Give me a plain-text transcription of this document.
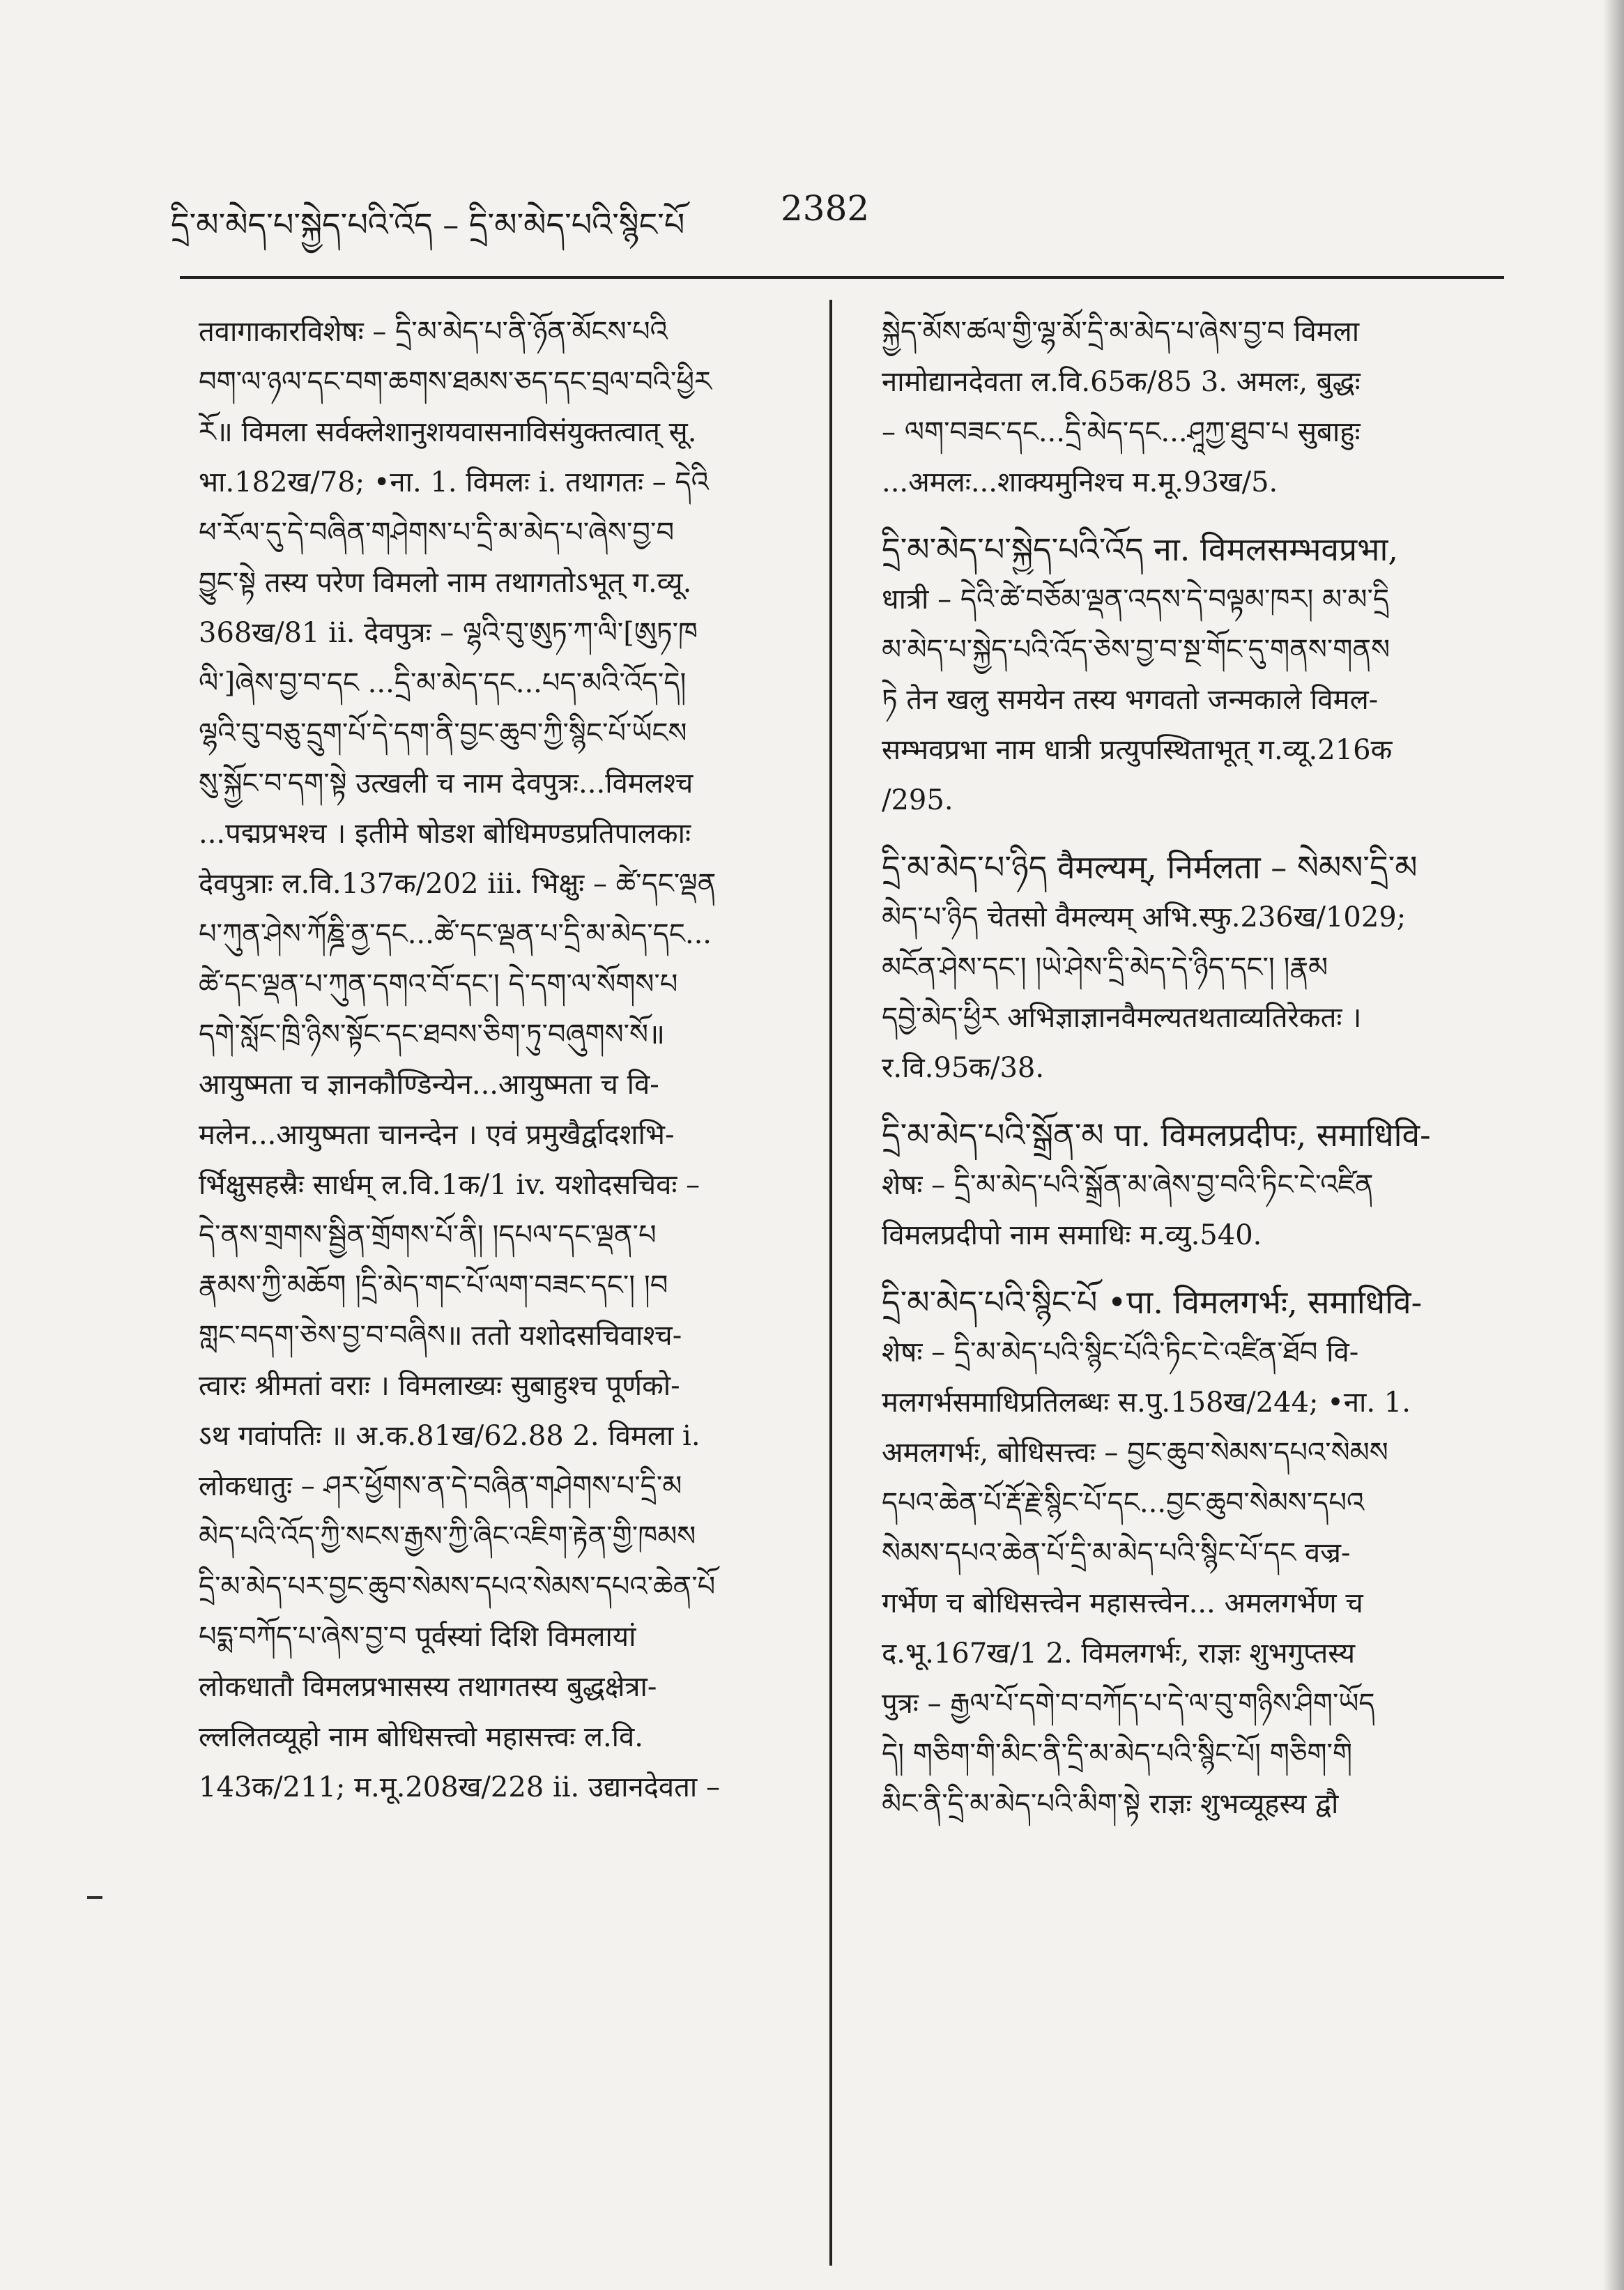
དྲི་མ་མེད་པ་སྐྱེད་པའི་འོད – དྲི་མ་མེད་པའི་སྙིང་པོ	2382
तवागाकारविशेषः – དྲི་མ་མེད་པ་ནི་ཉོན་མོངས་པའི
བག་ལ་ཉལ་དང་བག་ཆགས་ཐམས་ཅད་དང་བྲལ་བའི་ཕྱིར
རོ॥ विमला सर्वक्लेशानुशयवासनाविसंयुक्तत्वात् सू.
भा.182ख/78; •ना. 1. विमलः i. तथागतः – དེའི
ཕ་རོལ་དུ་དེ་བཞིན་གཤེགས་པ་དྲི་མ་མེད་པ་ཞེས་བྱ་བ
བྱུང་སྟེ तस्य परेण विमलो नाम तथागतोऽभूत् ग.व्यू.
368ख/81 ii. देवपुत्रः – ལྷའི་བུ་ཨུཏ་ཀ་ལི་[ཨུཏ་ཁ
ལི་]ཞེས་བྱ་བ་དང ...དྲི་མ་མེད་དང...པད་མའི་འོད་དེ།
ལྷའི་བུ་བཅུ་དྲུག་པོ་དེ་དག་ནི་བྱང་ཆུབ་ཀྱི་སྙིང་པོ་ཡོངས
སུ་སྐྱོང་བ་དག་སྟེ उत्खली च नाम देवपुत्रः...विमलश्च
...पद्मप्रभश्च । इतीमे षोडश बोधिमण्डप्रतिपालकाः
देवपुत्राः ल.वि.137क/202 iii. भिक्षुः – ཚེ་དང་ལྡན
པ་ཀུན་ཤེས་ཀོཎྜི་ནྱ་དང...ཚེ་དང་ལྡན་པ་དྲི་མ་མེད་དང...
ཚེ་དང་ལྡན་པ་ཀུན་དགའ་བོ་དང་། དེ་དག་ལ་སོགས་པ
དགེ་སློང་ཁྲི་ཉིས་སྟོང་དང་ཐབས་ཅིག་ཏུ་བཞུགས་སོ॥
आयुष्मता च ज्ञानकौण्डिन्येन...आयुष्मता च वि-
मलेन...आयुष्मता चानन्देन । एवं प्रमुखैर्द्वादशभि-
र्भिक्षुसहस्रैः सार्धम् ल.वि.1क/1 iv. यशोदसचिवः –
དེ་ནས་གྲགས་སྦྱིན་གྲོགས་པོ་ནི། །དཔལ་དང་ལྡན་པ
རྣམས་ཀྱི་མཆོག །དྲི་མེད་གང་པོ་ལག་བཟང་དང་། །བ
གླང་བདག་ཅེས་བྱ་བ་བཞིས॥ ततो यशोदसचिवाश्च-
त्वारः श्रीमतां वराः । विमलाख्यः सुबाहुश्च पूर्णको-
ऽथ गवांपतिः ॥ अ.क.81ख/62.88 2. विमला i.
लोकधातुः – ཤར་ཕྱོགས་ན་དེ་བཞིན་གཤེགས་པ་དྲི་མ
མེད་པའི་འོད་ཀྱི་སངས་རྒྱས་ཀྱི་ཞིང་འཇིག་རྟེན་གྱི་ཁམས
དྲི་མ་མེད་པར་བྱང་ཆུབ་སེམས་དཔའ་སེམས་དཔའ་ཆེན་པོ
པདྨ་བཀོད་པ་ཞེས་བྱ་བ पूर्वस्यां दिशि विमलायां
लोकधातौ विमलप्रभासस्य तथागतस्य बुद्धक्षेत्रा-
ल्ललितव्यूहो नाम बोधिसत्त्वो महासत्त्वः ल.वि.
143क/211; म.मू.208ख/228 ii. उद्यानदेवता –
སྐྱེད་མོས་ཚལ་གྱི་ལྷ་མོ་དྲི་མ་མེད་པ་ཞེས་བྱ་བ विमला
नामोद्यानदेवता ल.वि.65क/85 3. अमलः, बुद्धः
– ལག་བཟང་དང...དྲི་མེད་དང...ཤཱཀྱ་ཐུབ་པ सुबाहुः
...अमलः...शाक्यमुनिश्च म.मू.93ख/5.
དྲི་མ་མེད་པ་སྐྱེད་པའི་འོད ना. विमलसम्भवप्रभा,
धात्री – དེའི་ཚེ་བཅོམ་ལྡན་འདས་དེ་བལྟམ་ཁར། མ་མ་དྲི
མ་མེད་པ་སྐྱེད་པའི་འོད་ཅེས་བྱ་བ་སྔ་གོང་དུ་གནས་གནས
ཏེ तेन खलु समयेन तस्य भगवतो जन्मकाले विमल-
सम्भवप्रभा नाम धात्री प्रत्युपस्थिताभूत् ग.व्यू.216क
/295.
དྲི་མ་མེད་པ་ཉིད वैमल्यम्, निर्मलता – སེམས་དྲི་མ
མེད་པ་ཉིད चेतसो वैमल्यम् अभि.स्फु.236ख/1029;
མངོན་ཤེས་དང་། །ཡེ་ཤེས་དྲི་མེད་དེ་ཉིད་དང་། །རྣམ
དབྱེ་མེད་ཕྱིར अभिज्ञाज्ञानवैमल्यतथताव्यतिरेकतः ।
र.वि.95क/38.
དྲི་མ་མེད་པའི་སྒྲོན་མ पा. विमलप्रदीपः, समाधिवि-
शेषः – དྲི་མ་མེད་པའི་སྒྲོན་མ་ཞེས་བྱ་བའི་ཏིང་ངེ་འཛིན
विमलप्रदीपो नाम समाधिः म.व्यु.540.
དྲི་མ་མེད་པའི་སྙིང་པོ •पा. विमलगर्भः, समाधिवि-
शेषः – དྲི་མ་མེད་པའི་སྙིང་པོའི་ཏིང་ངེ་འཛིན་ཐོབ वि-
मलगर्भसमाधिप्रतिलब्धः स.पु.158ख/244; •ना. 1.
अमलगर्भः, बोधिसत्त्वः – བྱང་ཆུབ་སེམས་དཔའ་སེམས
དཔའ་ཆེན་པོ་རྡོ་རྗེ་སྙིང་པོ་དང...བྱང་ཆུབ་སེམས་དཔའ
སེམས་དཔའ་ཆེན་པོ་དྲི་མ་མེད་པའི་སྙིང་པོ་དང वज्र-
गर्भेण च बोधिसत्त्वेन महासत्त्वेन... अमलगर्भेण च
द.भू.167ख/1 2. विमलगर्भः, राज्ञः शुभगुप्तस्य
पुत्रः – རྒྱལ་པོ་དགེ་བ་བཀོད་པ་དེ་ལ་བུ་གཉིས་ཤིག་ཡོད
དེ། གཅིག་གི་མིང་ནི་དྲི་མ་མེད་པའི་སྙིང་པོ། གཅིག་གི
མིང་ནི་དྲི་མ་མེད་པའི་མིག་སྟེ राज्ञः शुभव्यूहस्य द्वौ
